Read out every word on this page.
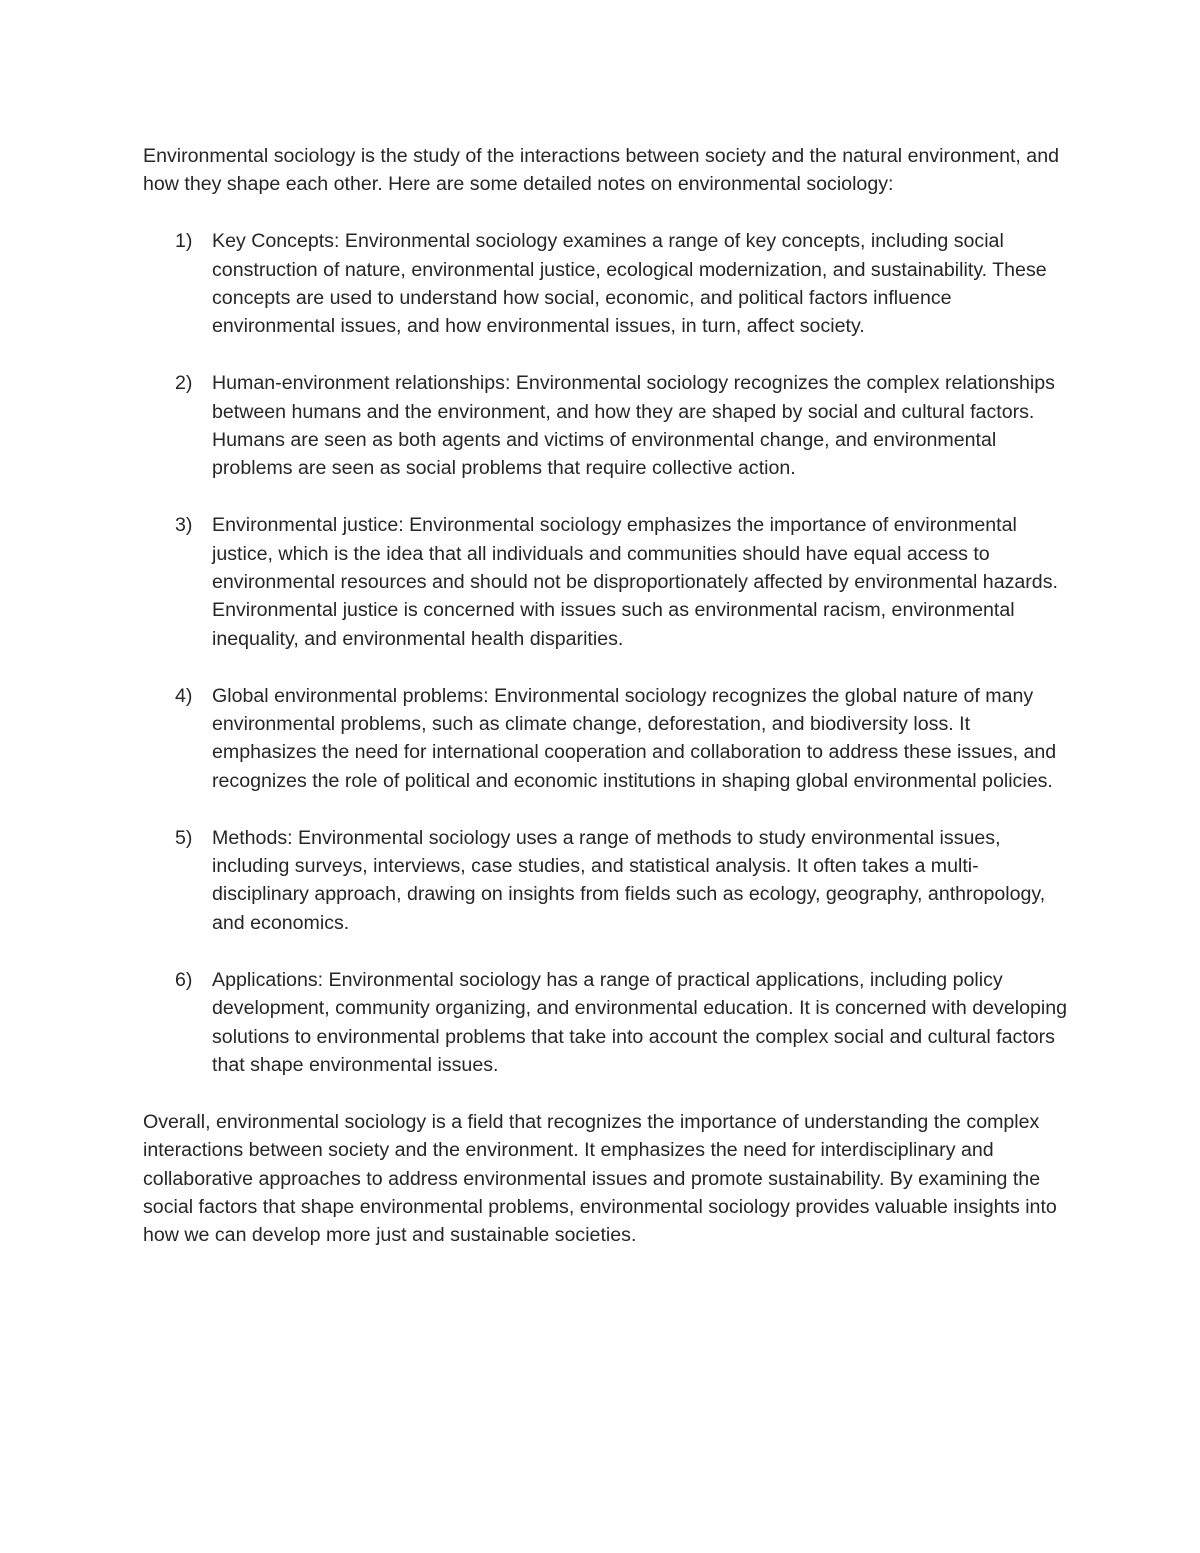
Environmental sociology is the study of the interactions between society and the natural environment, and how they shape each other. Here are some detailed notes on environmental sociology:

1) Key Concepts: Environmental sociology examines a range of key concepts, including social construction of nature, environmental justice, ecological modernization, and sustainability. These concepts are used to understand how social, economic, and political factors influence environmental issues, and how environmental issues, in turn, affect society.
2) Human-environment relationships: Environmental sociology recognizes the complex relationships between humans and the environment, and how they are shaped by social and cultural factors. Humans are seen as both agents and victims of environmental change, and environmental problems are seen as social problems that require collective action.
3) Environmental justice: Environmental sociology emphasizes the importance of environmental justice, which is the idea that all individuals and communities should have equal access to environmental resources and should not be disproportionately affected by environmental hazards. Environmental justice is concerned with issues such as environmental racism, environmental inequality, and environmental health disparities.
4) Global environmental problems: Environmental sociology recognizes the global nature of many environmental problems, such as climate change, deforestation, and biodiversity loss. It emphasizes the need for international cooperation and collaboration to address these issues, and recognizes the role of political and economic institutions in shaping global environmental policies.
5) Methods: Environmental sociology uses a range of methods to study environmental issues, including surveys, interviews, case studies, and statistical analysis. It often takes a multi-disciplinary approach, drawing on insights from fields such as ecology, geography, anthropology, and economics.
6) Applications: Environmental sociology has a range of practical applications, including policy development, community organizing, and environmental education. It is concerned with developing solutions to environmental problems that take into account the complex social and cultural factors that shape environmental issues.

Overall, environmental sociology is a field that recognizes the importance of understanding the complex interactions between society and the environment. It emphasizes the need for interdisciplinary and collaborative approaches to address environmental issues and promote sustainability. By examining the social factors that shape environmental problems, environmental sociology provides valuable insights into how we can develop more just and sustainable societies.
